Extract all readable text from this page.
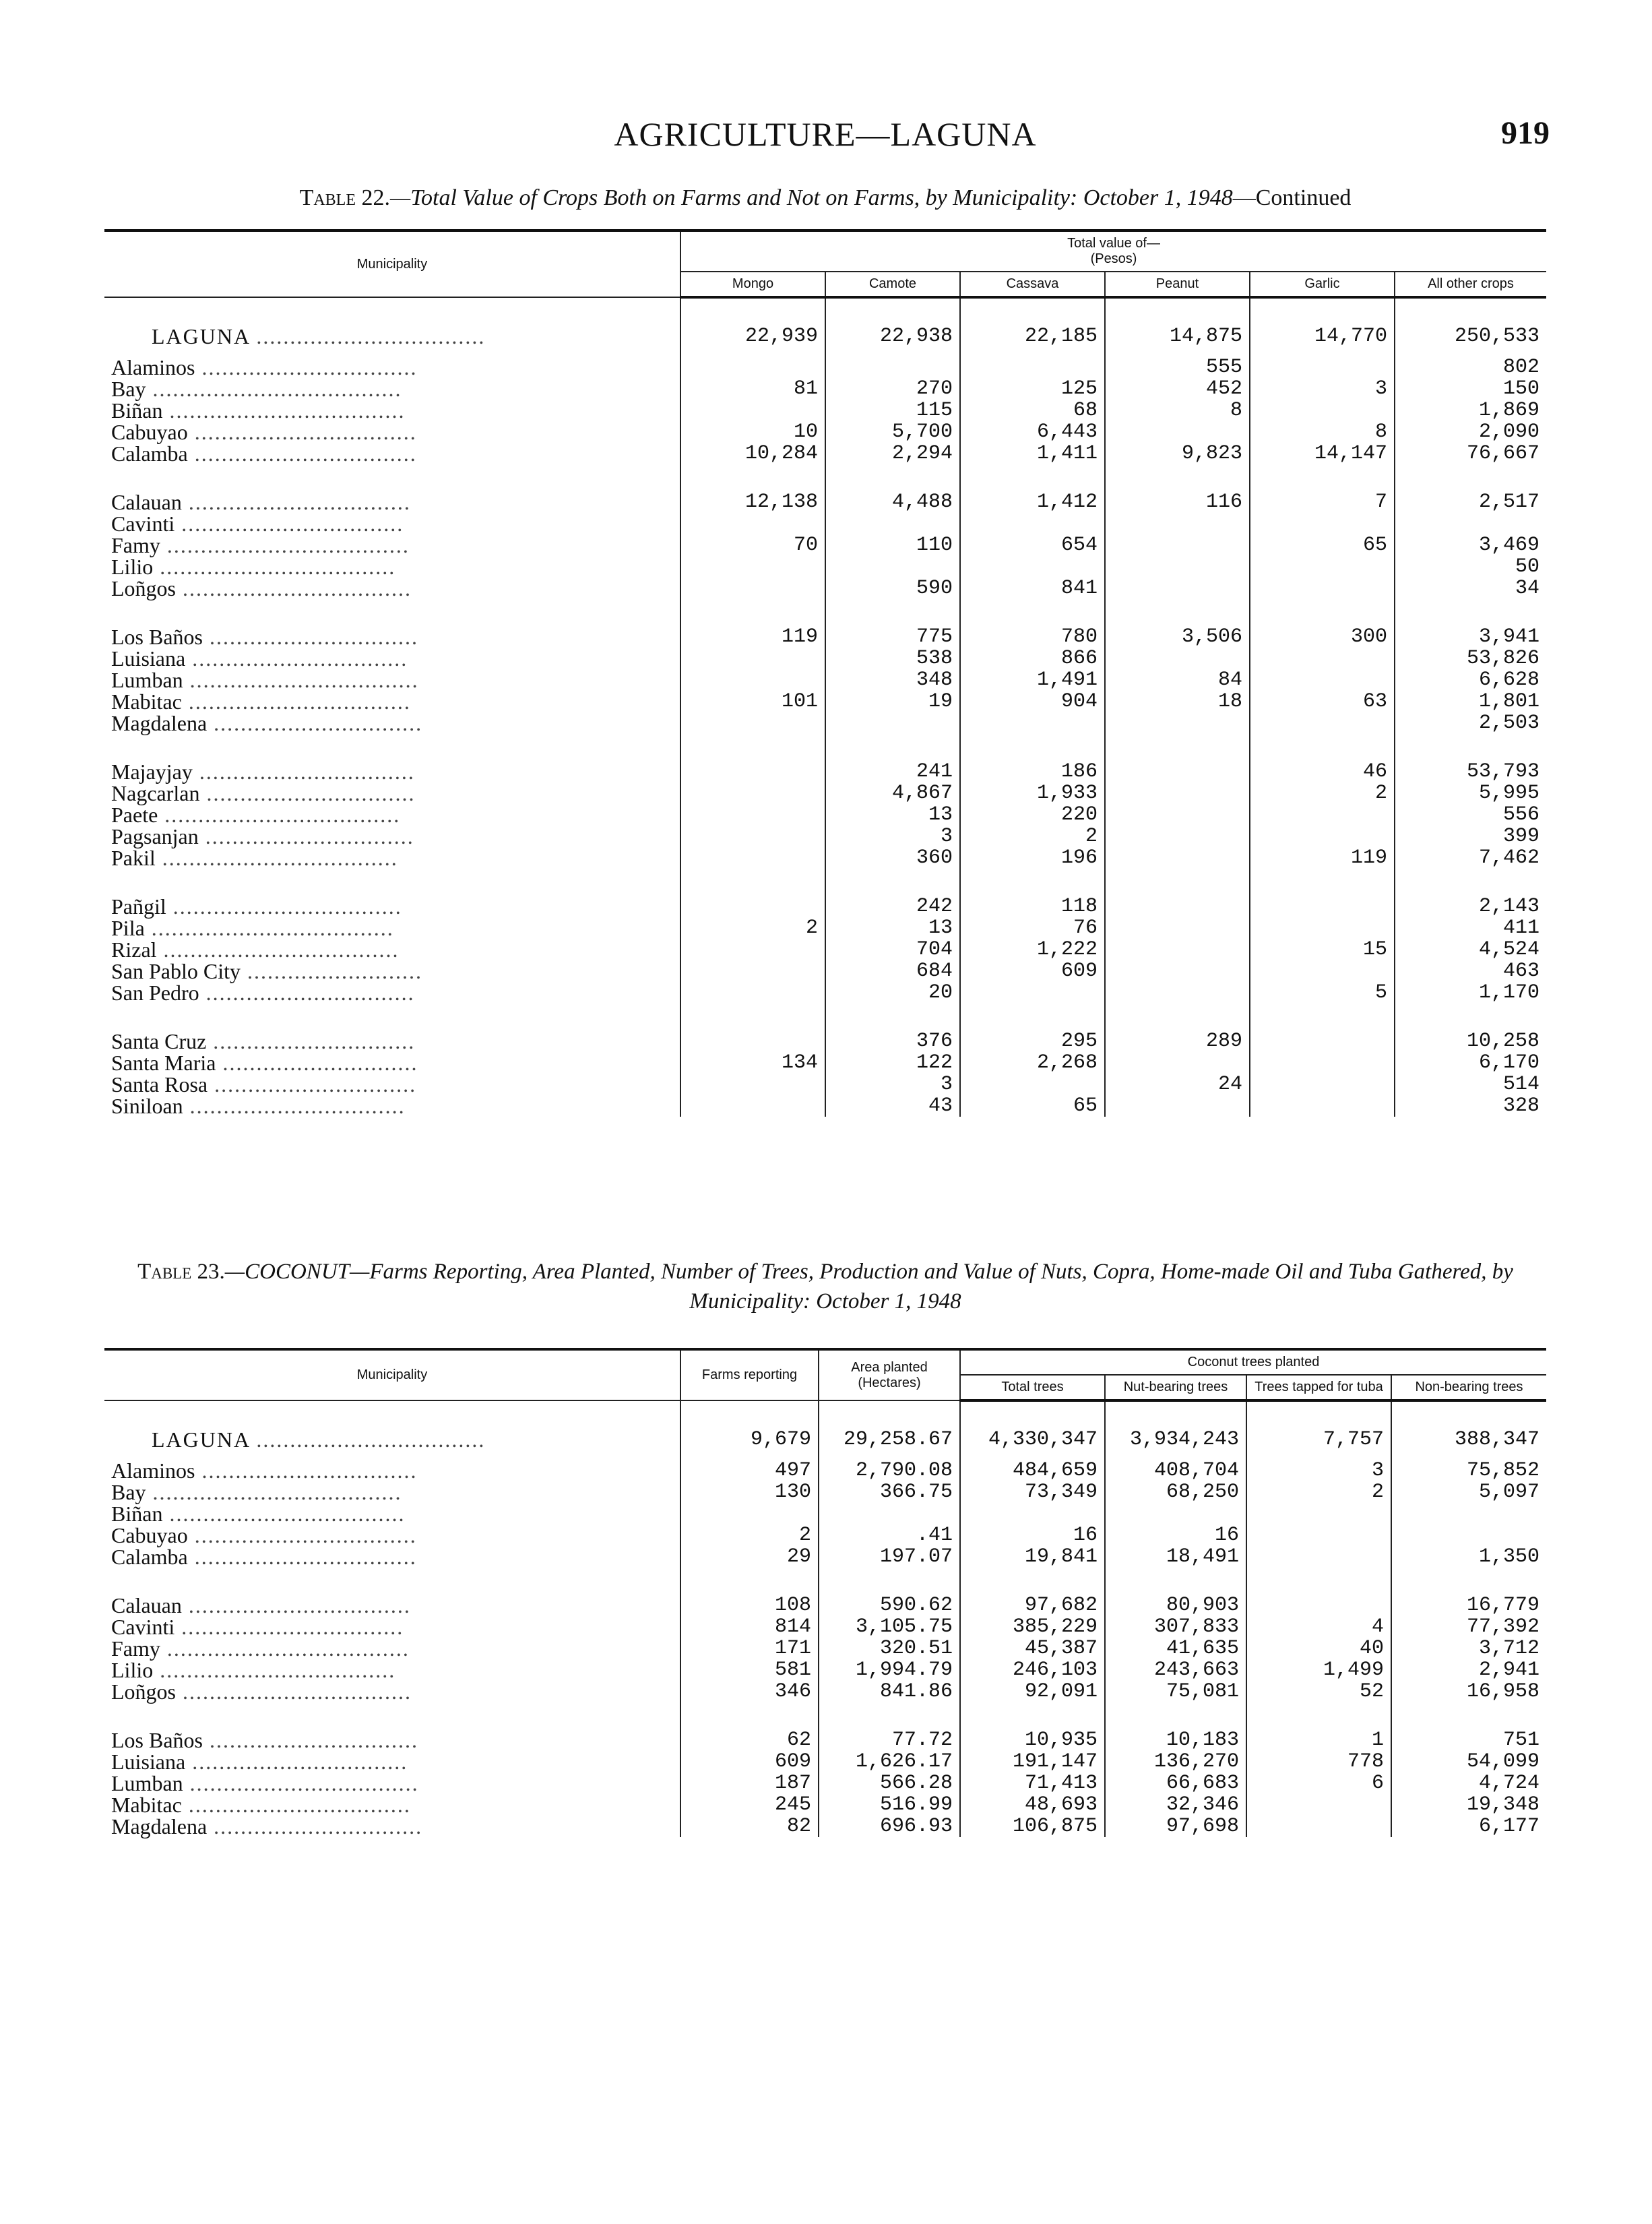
AGRICULTURE—LAGUNA	919
Table 22.—Total Value of Crops Both on Farms and Not on Farms, by Municipality: October 1, 1948—Continued
Municipality	Total value of—
(Pesos)					
	Mongo	Camote	Cassava	Peanut	Garlic	All other crops
LAGUNA ..................................	22,939	22,938	22,185	14,875	14,770	250,533
Alaminos ................................				555		802
Bay .....................................	81	270	125	452	3	150
Biñan ...................................		115	68	8		1,869
Cabuyao .................................	10	5,700	6,443		8	2,090
Calamba .................................	10,284	2,294	1,411	9,823	14,147	76,667
Calauan .................................	12,138	4,488	1,412	116	7	2,517
Cavinti .................................						
Famy ....................................	70	110	654		65	3,469
Lilio ...................................						50
Loñgos ..................................		590	841			34
Los Baños ...............................	119	775	780	3,506	300	3,941
Luisiana ................................		538	866			53,826
Lumban ..................................		348	1,491	84		6,628
Mabitac .................................	101	19	904	18	63	1,801
Magdalena ...............................						2,503
Majayjay ................................		241	186		46	53,793
Nagcarlan ...............................		4,867	1,933		2	5,995
Paete ...................................		13	220			556
Pagsanjan ...............................		3	2			399
Pakil ...................................		360	196		119	7,462
Pañgil ..................................		242	118			2,143
Pila ....................................	2	13	76			411
Rizal ...................................		704	1,222		15	4,524
San Pablo City ..........................		684	609			463
San Pedro ...............................		20			5	1,170
Santa Cruz ..............................		376	295	289		10,258
Santa Maria .............................	134	122	2,268			6,170
Santa Rosa ..............................		3		24		514
Siniloan ................................		43	65			328
Table 23.—COCONUT—Farms Reporting, Area Planted, Number of Trees, Production and Value of Nuts, Copra, Home-made Oil and Tuba Gathered, by Municipality: October 1, 1948
Municipality	Farms reporting	Area planted (Hectares)	Coconut trees planted			
			Total trees	Nut-bearing trees	Trees tapped for tuba	Non-bearing trees
LAGUNA ..................................	9,679	29,258.67	4,330,347	3,934,243	7,757	388,347
Alaminos ................................	497	2,790.08	484,659	408,704	3	75,852
Bay .....................................	130	366.75	73,349	68,250	2	5,097
Biñan ...................................						
Cabuyao .................................	2	.41	16	16		
Calamba .................................	29	197.07	19,841	18,491		1,350
Calauan .................................	108	590.62	97,682	80,903		16,779
Cavinti .................................	814	3,105.75	385,229	307,833	4	77,392
Famy ....................................	171	320.51	45,387	41,635	40	3,712
Lilio ...................................	581	1,994.79	246,103	243,663	1,499	2,941
Loñgos ..................................	346	841.86	92,091	75,081	52	16,958
Los Baños ...............................	62	77.72	10,935	10,183	1	751
Luisiana ................................	609	1,626.17	191,147	136,270	778	54,099
Lumban ..................................	187	566.28	71,413	66,683	6	4,724
Mabitac .................................	245	516.99	48,693	32,346		19,348
Magdalena ...............................	82	696.93	106,875	97,698		6,177
